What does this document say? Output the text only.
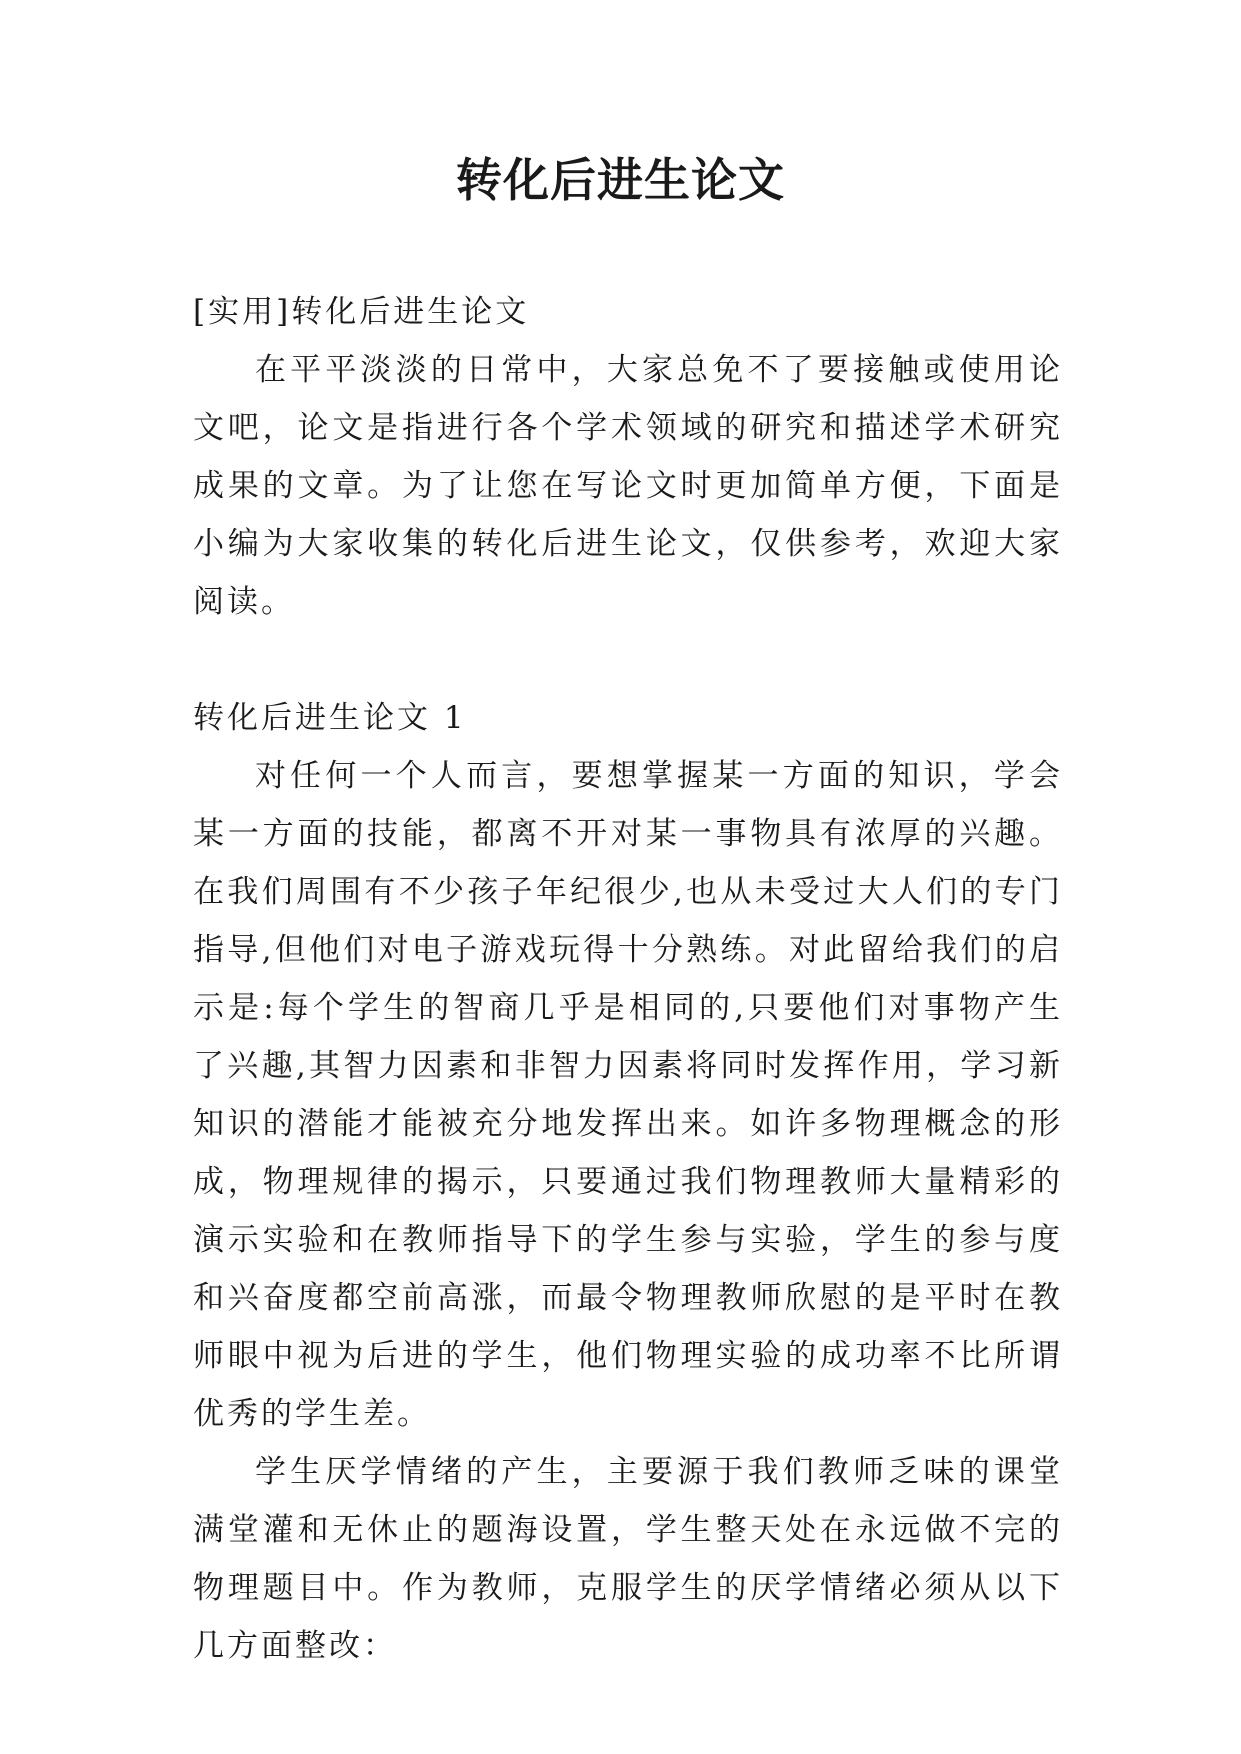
转化后进生论文

[实用]转化后进生论文

在平平淡淡的日常中，大家总免不了要接触或使用论文吧，论文是指进行各个学术领域的研究和描述学术研究成果的文章。为了让您在写论文时更加简单方便，下面是小编为大家收集的转化后进生论文，仅供参考，欢迎大家阅读。

转化后进生论文 1

对任何一个人而言，要想掌握某一方面的知识，学会某一方面的技能，都离不开对某一事物具有浓厚的兴趣。在我们周围有不少孩子年纪很少,也从未受过大人们的专门指导,但他们对电子游戏玩得十分熟练。对此留给我们的启示是:每个学生的智商几乎是相同的,只要他们对事物产生了兴趣,其智力因素和非智力因素将同时发挥作用，学习新知识的潜能才能被充分地发挥出来。如许多物理概念的形成，物理规律的揭示，只要通过我们物理教师大量精彩的演示实验和在教师指导下的学生参与实验，学生的参与度和兴奋度都空前高涨，而最令物理教师欣慰的是平时在教师眼中视为后进的学生，他们物理实验的成功率不比所谓优秀的学生差。

学生厌学情绪的产生，主要源于我们教师乏味的课堂满堂灌和无休止的题海设置，学生整天处在永远做不完的物理题目中。作为教师，克服学生的厌学情绪必须从以下几方面整改：
